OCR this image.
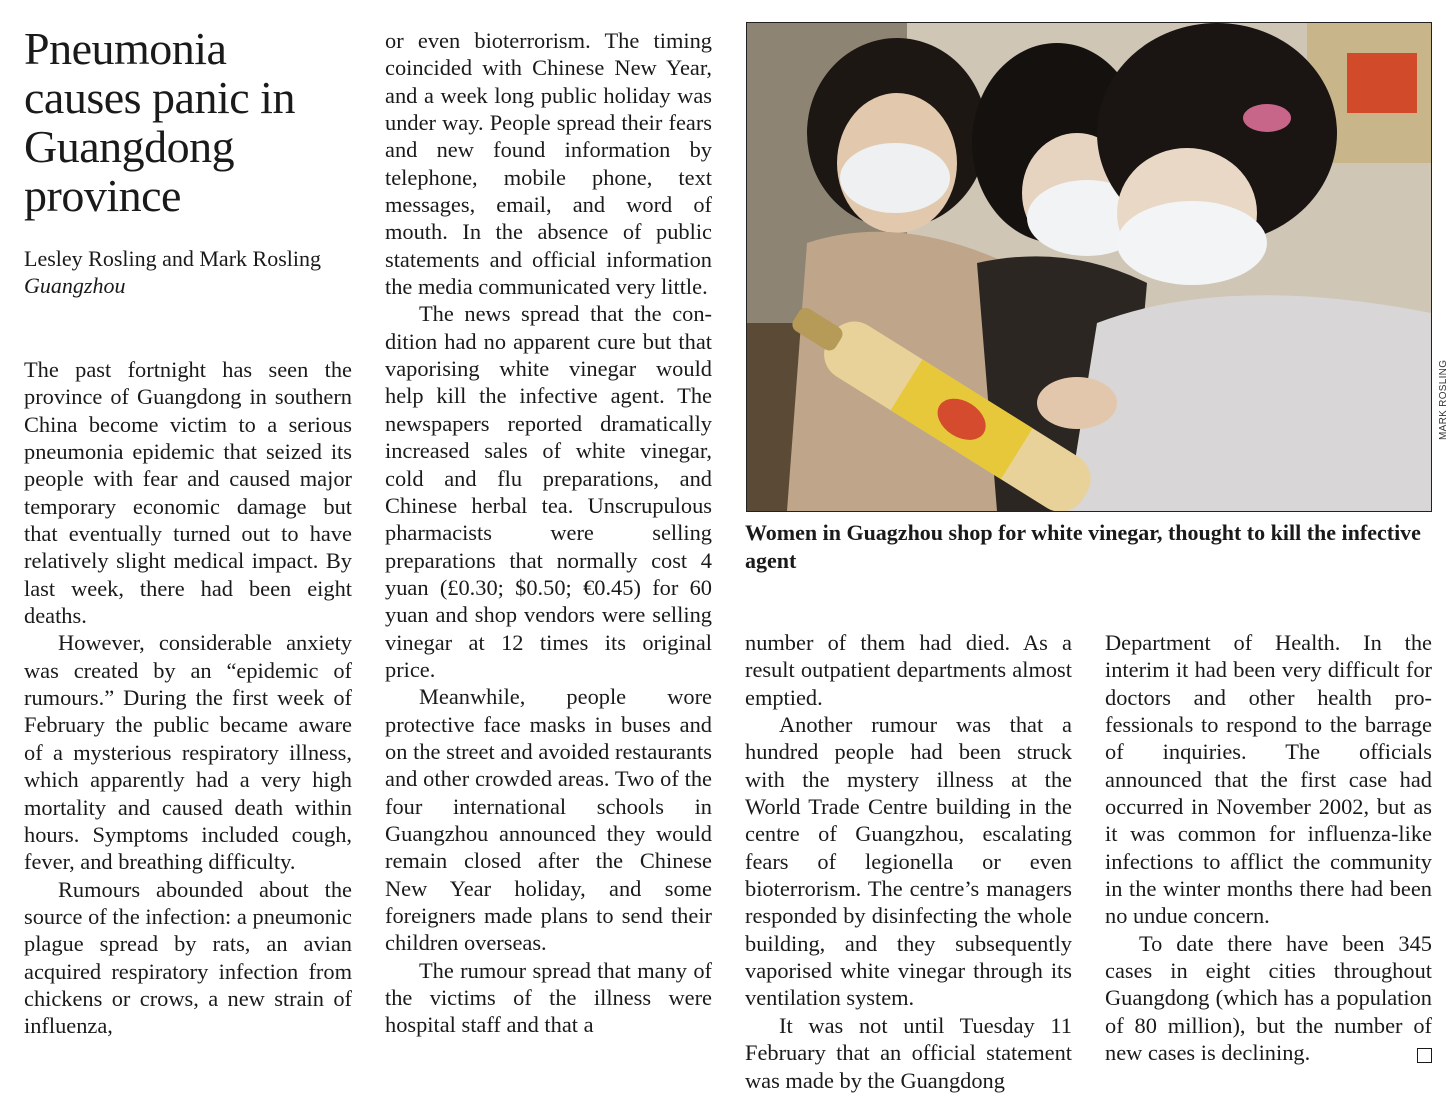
Pneumonia causes panic in Guangdong province
Lesley Rosling and Mark Rosling Guangzhou

The past fortnight has seen the province of Guangdong in southern China become victim to a serious pneumonia epidemic that seized its people with fear and caused major temporary economic damage but that eventually turned out to have relatively slight medical impact. By last week, there had been eight deaths.

However, considerable anxiety was created by an “epidemic of rumours.” During the first week of February the public became aware of a mysterious respiratory illness, which apparently had a very high mortality and caused death within hours. Symptoms included cough, fever, and breathing difficulty.

Rumours abounded about the source of the infection: a pneumonic plague spread by rats, an avian acquired respiratory infection from chickens or crows, a new strain of influenza,

or even bioterrorism. The timing coincided with Chinese New Year, and a week long public holiday was under way. People spread their fears and new found information by telephone, mobile phone, text messages, email, and word of mouth. In the absence of public statements and official information the media communicated very little.

The news spread that the condition had no apparent cure but that vaporising white vinegar would help kill the infective agent. The newspapers reported dramatically increased sales of white vinegar, cold and flu preparations, and Chinese herbal tea. Unscrupulous pharmacists were selling preparations that normally cost 4 yuan (£0.30; $0.50; €0.45) for 60 yuan and shop vendors were selling vinegar at 12 times its original price.

Meanwhile, people wore protective face masks in buses and on the street and avoided restaurants and other crowded areas. Two of the four international schools in Guangzhou announced they would remain closed after the Chinese New Year holiday, and some foreigners made plans to send their children overseas.

The rumour spread that many of the victims of the illness were hospital staff and that a

MARK ROSLING
Women in Guagzhou shop for white vinegar, thought to kill the infective agent

number of them had died. As a result outpatient departments almost emptied.

Another rumour was that a hundred people had been struck with the mystery illness at the World Trade Centre building in the centre of Guangzhou, escalating fears of legionella or even bioterrorism. The centre’s managers responded by disinfecting the whole building, and they subsequently vaporised white vinegar through its ventilation system.

It was not until Tuesday 11 February that an official statement was made by the Guangdong

Department of Health. In the interim it had been very difficult for doctors and other health professionals to respond to the barrage of inquiries. The officials announced that the first case had occurred in November 2002, but as it was common for influenza-like infections to afflict the community in the winter months there had been no undue concern.

To date there have been 345 cases in eight cities throughout Guangdong (which has a population of 80 million), but the number of new cases is declining.
